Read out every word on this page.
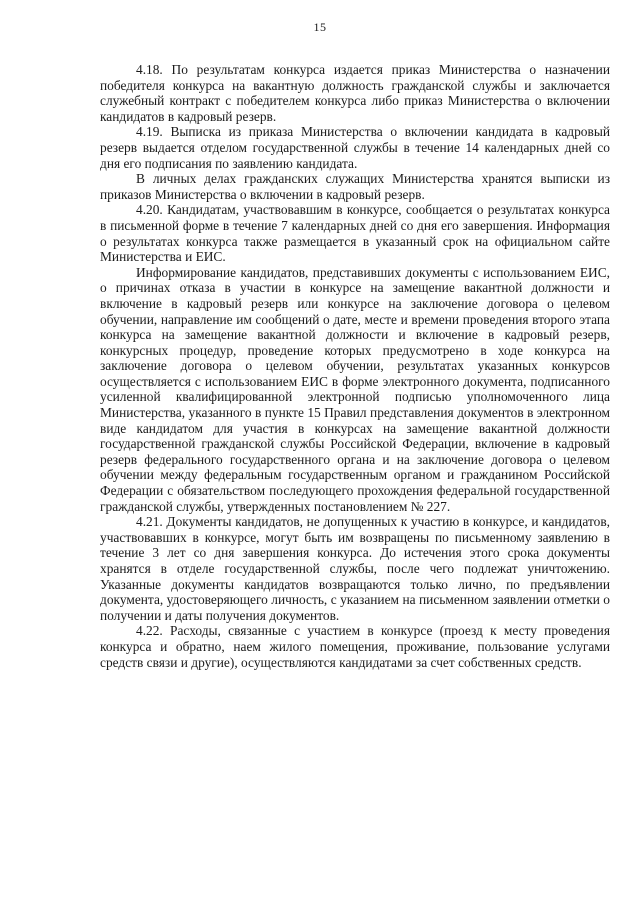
15

4.18. По результатам конкурса издается приказ Министерства о назначении победителя конкурса на вакантную должность гражданской службы и заключается служебный контракт с победителем конкурса либо приказ Министерства о включении кандидатов в кадровый резерв.

4.19. Выписка из приказа Министерства о включении кандидата в кадровый резерв выдается отделом государственной службы в течение 14 календарных дней со дня его подписания по заявлению кандидата.

В личных делах гражданских служащих Министерства хранятся выписки из приказов Министерства о включении в кадровый резерв.

4.20. Кандидатам, участвовавшим в конкурсе, сообщается о результатах конкурса в письменной форме в течение 7 календарных дней со дня его завершения. Информация о результатах конкурса также размещается в указанный срок на официальном сайте Министерства и ЕИС.

Информирование кандидатов, представивших документы с использованием ЕИС, о причинах отказа в участии в конкурсе на замещение вакантной должности и включение в кадровый резерв или конкурсе на заключение договора о целевом обучении, направление им сообщений о дате, месте и времени проведения второго этапа конкурса на замещение вакантной должности и включение в кадровый резерв, конкурсных процедур, проведение которых предусмотрено в ходе конкурса на заключение договора о целевом обучении, результатах указанных конкурсов осуществляется с использованием ЕИС в форме электронного документа, подписанного усиленной квалифицированной электронной подписью уполномоченного лица Министерства, указанного в пункте 15 Правил представления документов в электронном виде кандидатом для участия в конкурсах на замещение вакантной должности государственной гражданской службы Российской Федерации, включение в кадровый резерв федерального государственного органа и на заключение договора о целевом обучении между федеральным государственным органом и гражданином Российской Федерации с обязательством последующего прохождения федеральной государственной гражданской службы, утвержденных постановлением № 227.

4.21. Документы кандидатов, не допущенных к участию в конкурсе, и кандидатов, участвовавших в конкурсе, могут быть им возвращены по письменному заявлению в течение 3 лет со дня завершения конкурса. До истечения этого срока документы хранятся в отделе государственной службы, после чего подлежат уничтожению. Указанные документы кандидатов возвращаются только лично, по предъявлении документа, удостоверяющего личность, с указанием на письменном заявлении отметки о получении и даты получения документов.

4.22. Расходы, связанные с участием в конкурсе (проезд к месту проведения конкурса и обратно, наем жилого помещения, проживание, пользование услугами средств связи и другие), осуществляются кандидатами за счет собственных средств.
